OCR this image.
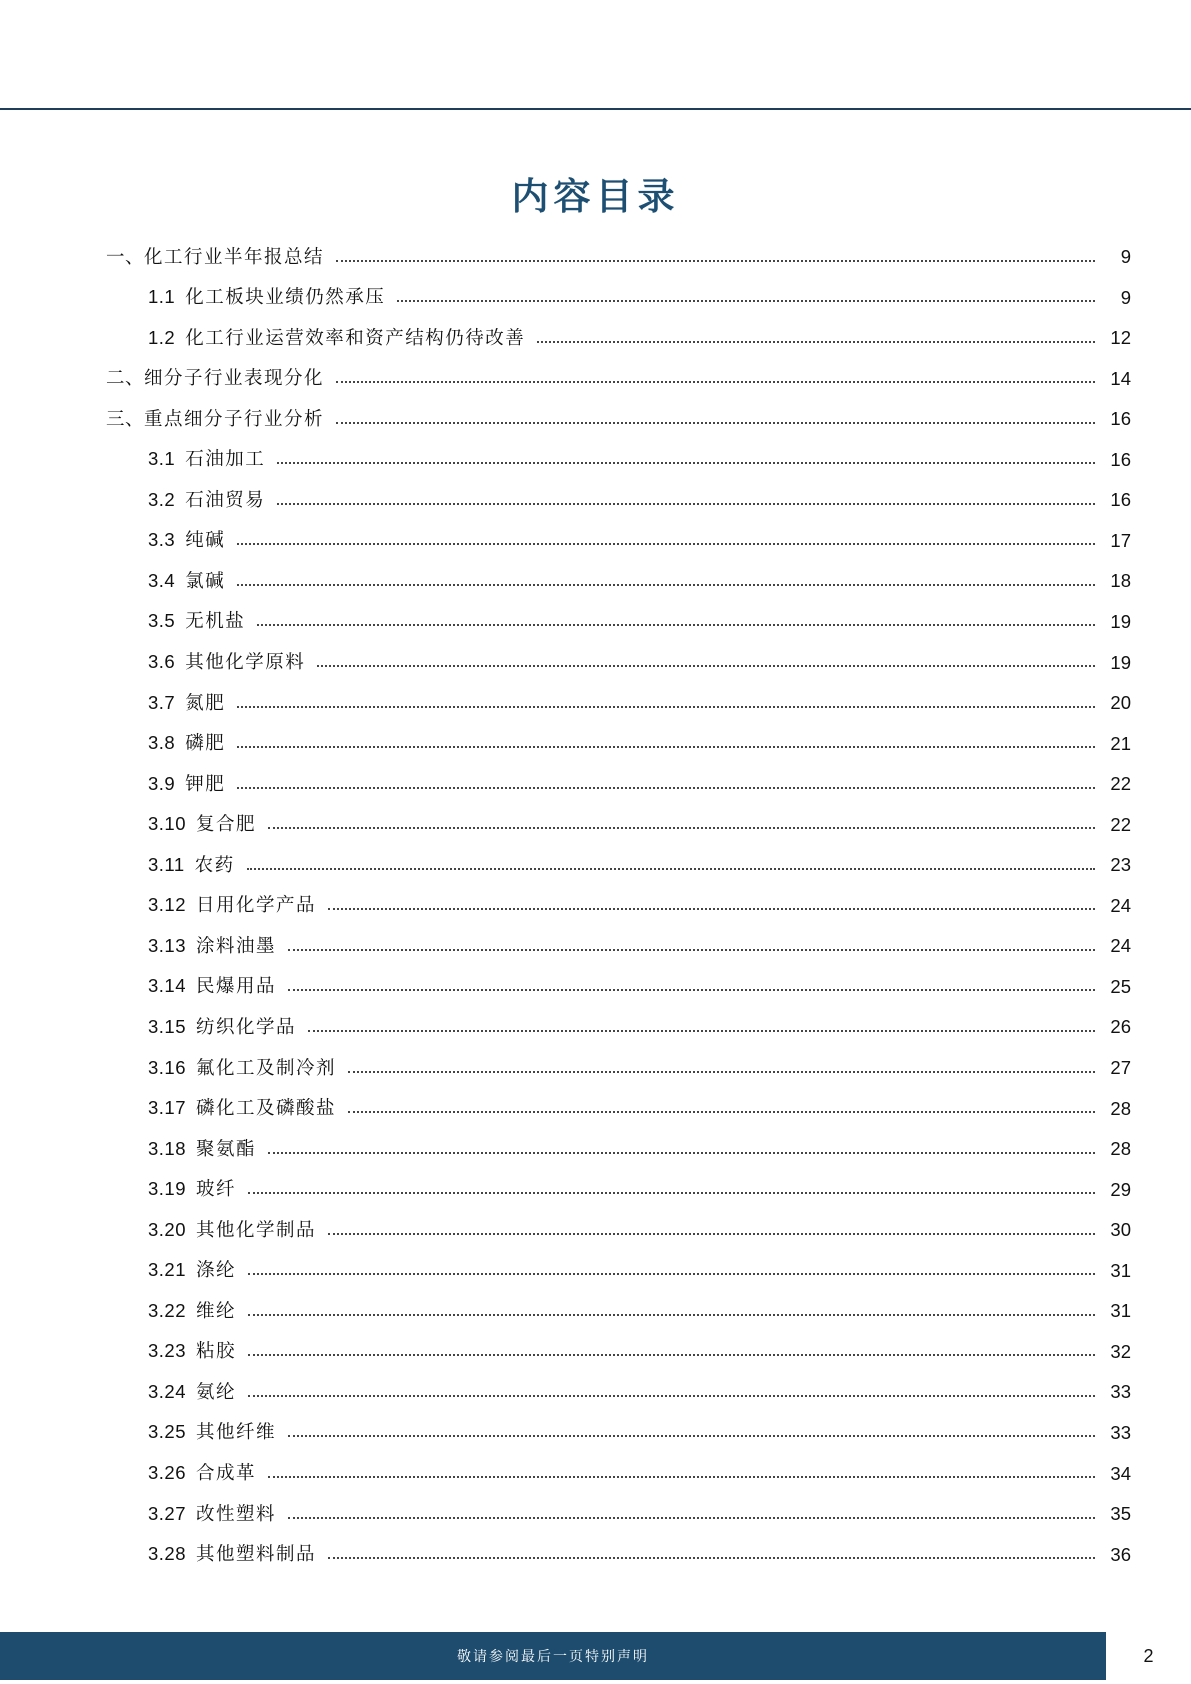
内容目录
一、化工行业半年报总结	9
1.1 化工板块业绩仍然承压	9
1.2 化工行业运营效率和资产结构仍待改善	12
二、细分子行业表现分化	14
三、重点细分子行业分析	16
3.1 石油加工	16
3.2 石油贸易	16
3.3 纯碱	17
3.4 氯碱	18
3.5 无机盐	19
3.6 其他化学原料	19
3.7 氮肥	20
3.8 磷肥	21
3.9 钾肥	22
3.10 复合肥	22
3.11 农药	23
3.12 日用化学产品	24
3.13 涂料油墨	24
3.14 民爆用品	25
3.15 纺织化学品	26
3.16 氟化工及制冷剂	27
3.17 磷化工及磷酸盐	28
3.18 聚氨酯	28
3.19 玻纤	29
3.20 其他化学制品	30
3.21 涤纶	31
3.22 维纶	31
3.23 粘胶	32
3.24 氨纶	33
3.25 其他纤维	33
3.26 合成革	34
3.27 改性塑料	35
3.28 其他塑料制品	36
敬请参阅最后一页特别声明	2
